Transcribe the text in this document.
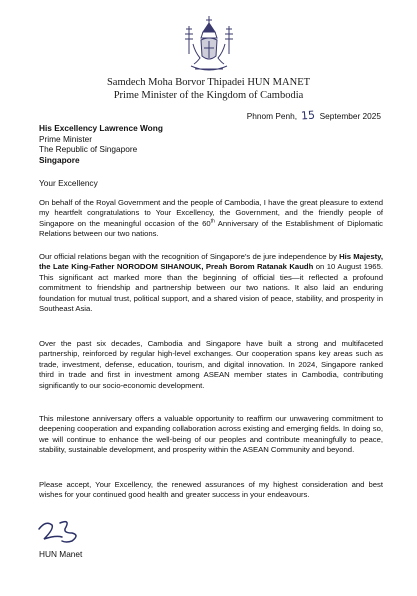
Samdech Moha Borvor Thipadei HUN MANET
Prime Minister of the Kingdom of Cambodia
Phnom Penh, 15 September 2025
His Excellency Lawrence Wong
Prime Minister
The Republic of Singapore
Singapore
Your Excellency
On behalf of the Royal Government and the people of Cambodia, I have the great pleasure to extend my heartfelt congratulations to Your Excellency, the Government, and the friendly people of Singapore on the meaningful occasion of the 60th Anniversary of the Establishment of Diplomatic Relations between our two nations.
Our official relations began with the recognition of Singapore's de jure independence by His Majesty, the Late King-Father NORODOM SIHANOUK, Preah Borom Ratanak Kaudh on 10 August 1965. This significant act marked more than the beginning of official ties—it reflected a profound commitment to friendship and partnership between our two nations. It also laid an enduring foundation for mutual trust, political support, and a shared vision of peace, stability, and prosperity in Southeast Asia.
Over the past six decades, Cambodia and Singapore have built a strong and multifaceted partnership, reinforced by regular high-level exchanges. Our cooperation spans key areas such as trade, investment, defense, education, tourism, and digital innovation. In 2024, Singapore ranked third in trade and first in investment among ASEAN member states in Cambodia, contributing significantly to our socio-economic development.
This milestone anniversary offers a valuable opportunity to reaffirm our unwavering commitment to deepening cooperation and expanding collaboration across existing and emerging fields. In doing so, we will continue to enhance the well-being of our peoples and contribute meaningfully to peace, stability, sustainable development, and prosperity within the ASEAN Community and beyond.
Please accept, Your Excellency, the renewed assurances of my highest consideration and best wishes for your continued good health and greater success in your endeavours.
HUN Manet
